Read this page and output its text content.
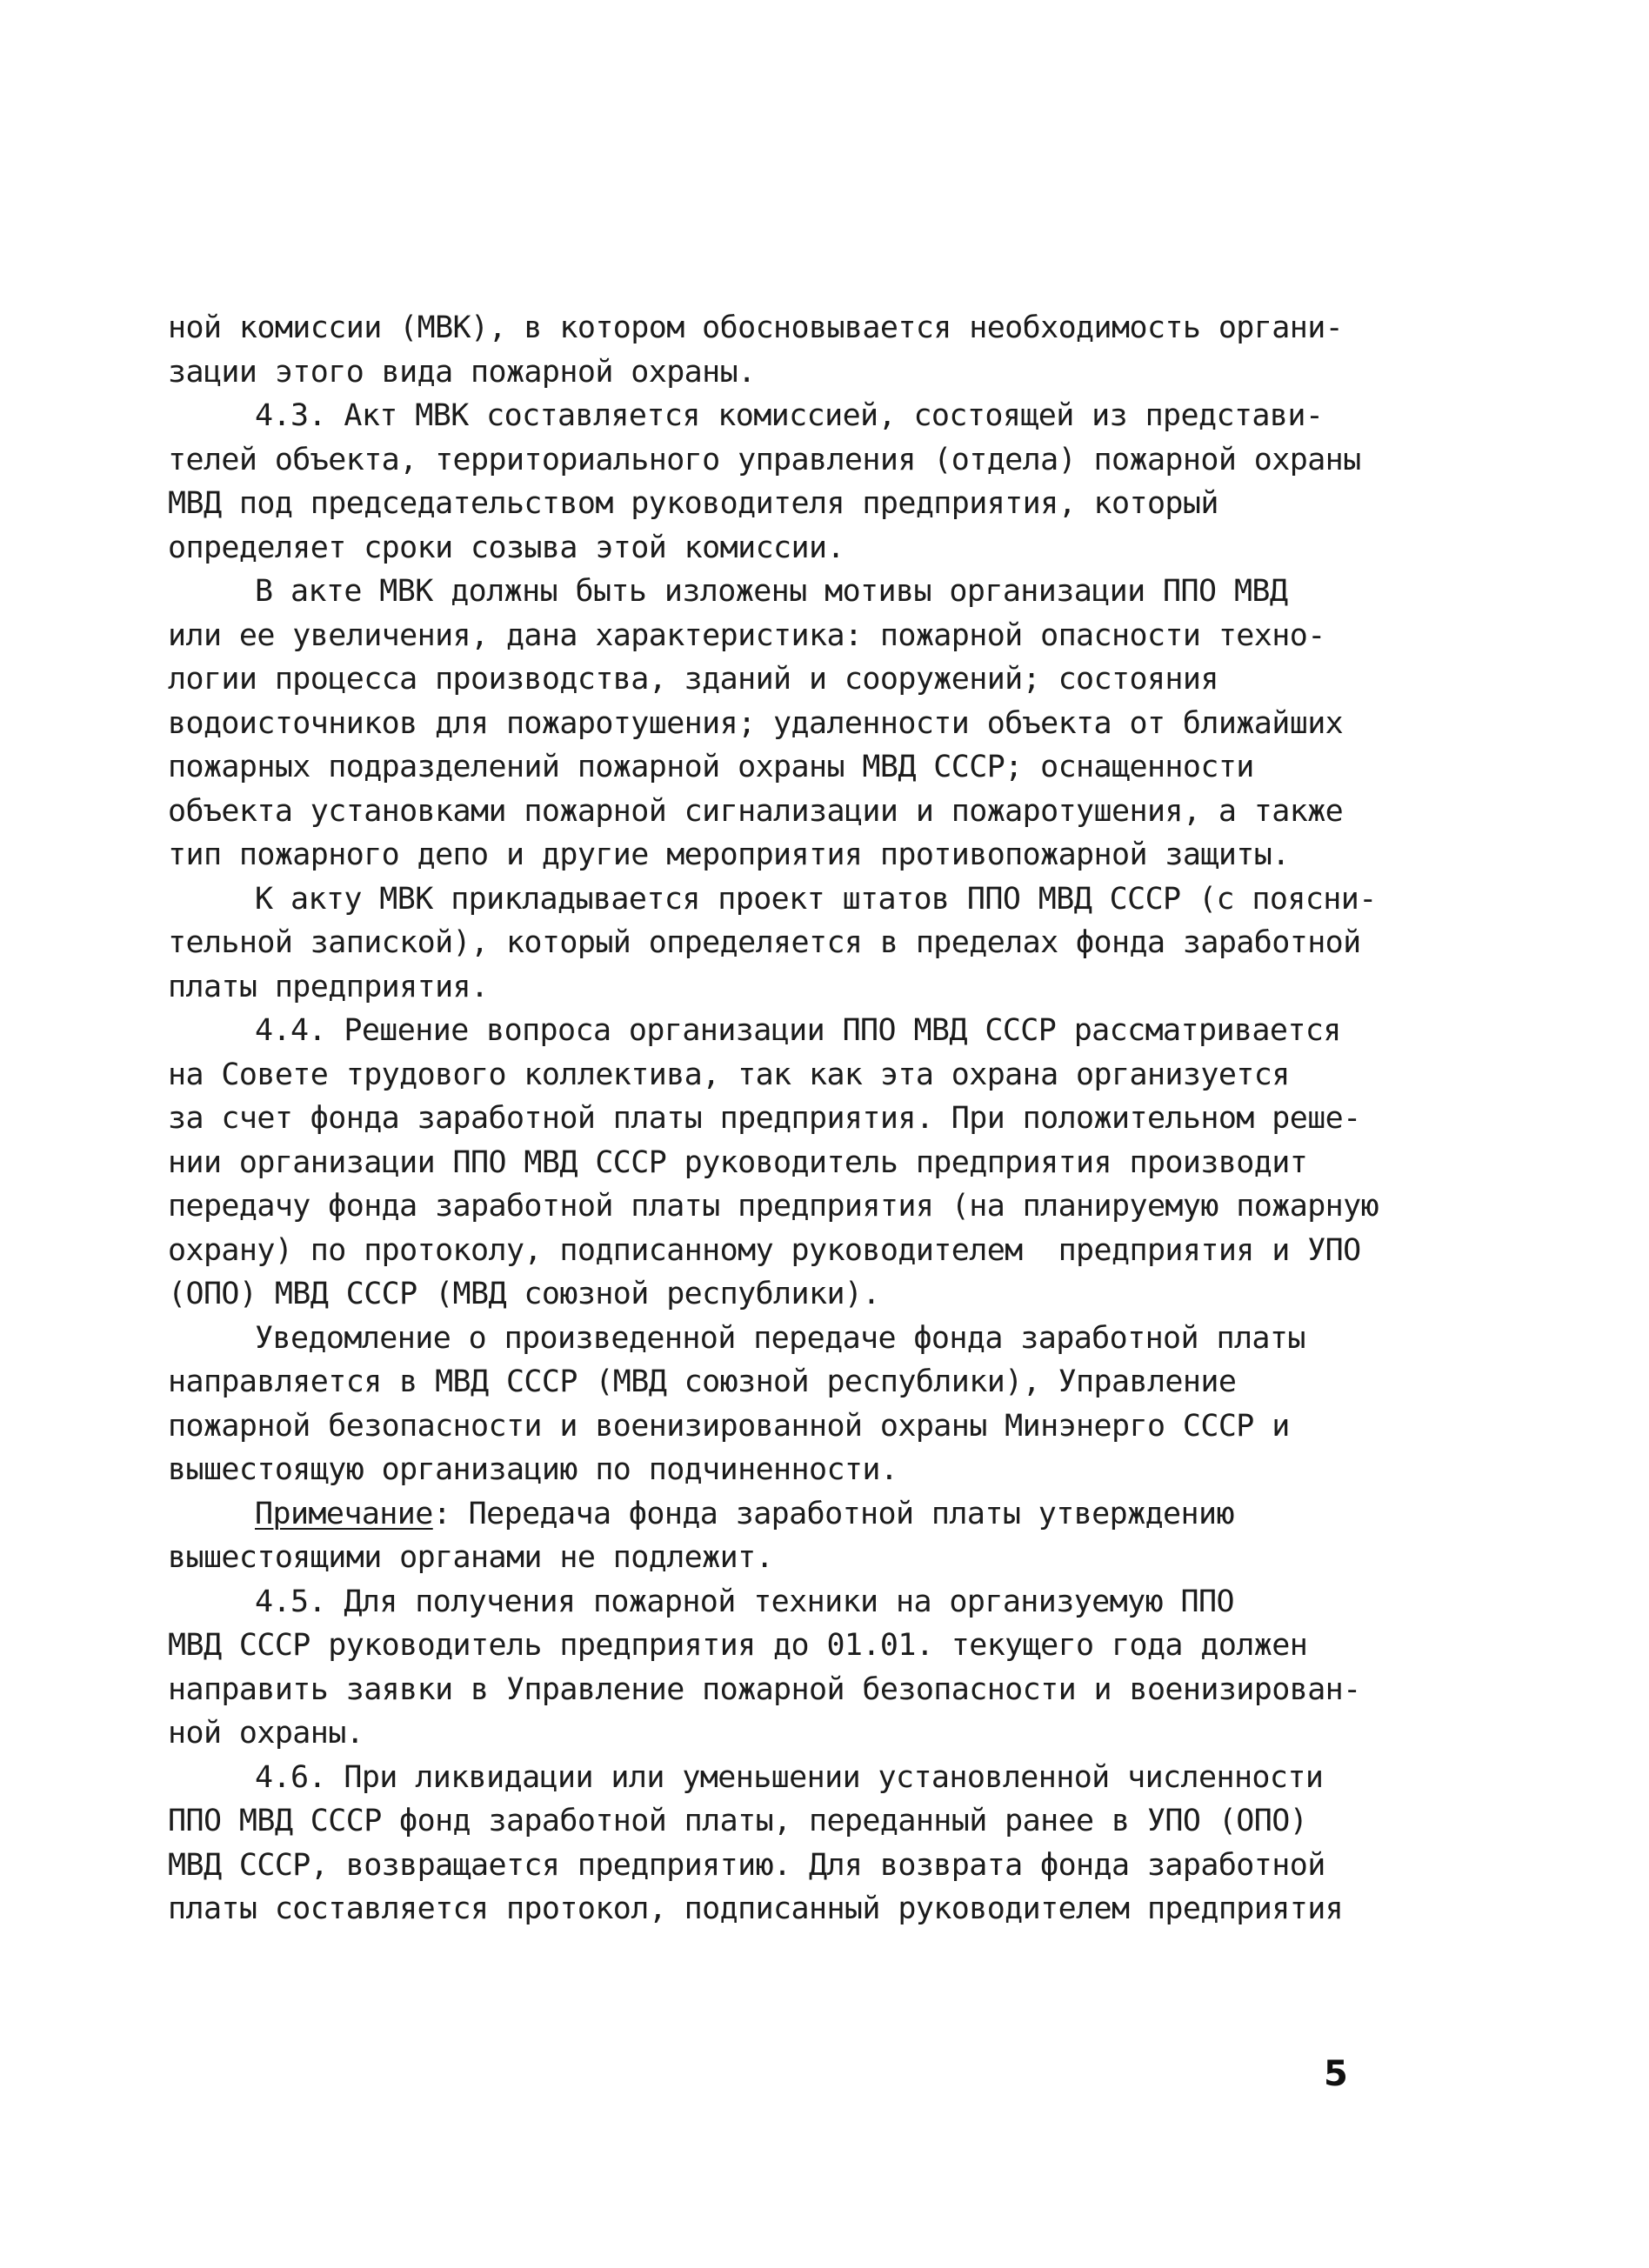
ной комиссии (МВК), в котором обосновывается необходимость органи-
зации этого вида пожарной охраны.
4.3. Акт МВК составляется комиссией, состоящей из представи-
телей объекта, территориального управления (отдела) пожарной охраны
МВД под председательством руководителя предприятия, который
определяет сроки созыва этой комиссии.
В акте МВК должны быть изложены мотивы организации ППО МВД
или ее увеличения, дана характеристика: пожарной опасности техно-
логии процесса производства, зданий и сооружений; состояния
водоисточников для пожаротушения; удаленности объекта от ближайших
пожарных подразделений пожарной охраны МВД СССР; оснащенности
объекта установками пожарной сигнализации и пожаротушения, а также
тип пожарного депо и другие мероприятия противопожарной защиты.
К акту МВК прикладывается проект штатов ППО МВД СССР (с поясни-
тельной запиской), который определяется в пределах фонда заработной
платы предприятия.
4.4. Решение вопроса организации ППО МВД СССР рассматривается
на Совете трудового коллектива, так как эта охрана организуется
за счет фонда заработной платы предприятия. При положительном реше-
нии организации ППО МВД СССР руководитель предприятия производит
передачу фонда заработной платы предприятия (на планируемую пожарную
охрану) по протоколу, подписанному руководителем  предприятия и УПО
(ОПО) МВД СССР (МВД союзной республики).
Уведомление о произведенной передаче фонда заработной платы
направляется в МВД СССР (МВД союзной республики), Управление
пожарной безопасности и военизированной охраны Минэнерго СССР и
вышестоящую организацию по подчиненности.
Примечание: Передача фонда заработной платы утверждению
вышестоящими органами не подлежит.
4.5. Для получения пожарной техники на организуемую ППО
МВД СССР руководитель предприятия до 01.01. текущего года должен
направить заявки в Управление пожарной безопасности и военизирован-
ной охраны.
4.6. При ликвидации или уменьшении установленной численности
ППО МВД СССР фонд заработной платы, переданный ранее в УПО (ОПО)
МВД СССР, возвращается предприятию. Для возврата фонда заработной
платы составляется протокол, подписанный руководителем предприятия
5
